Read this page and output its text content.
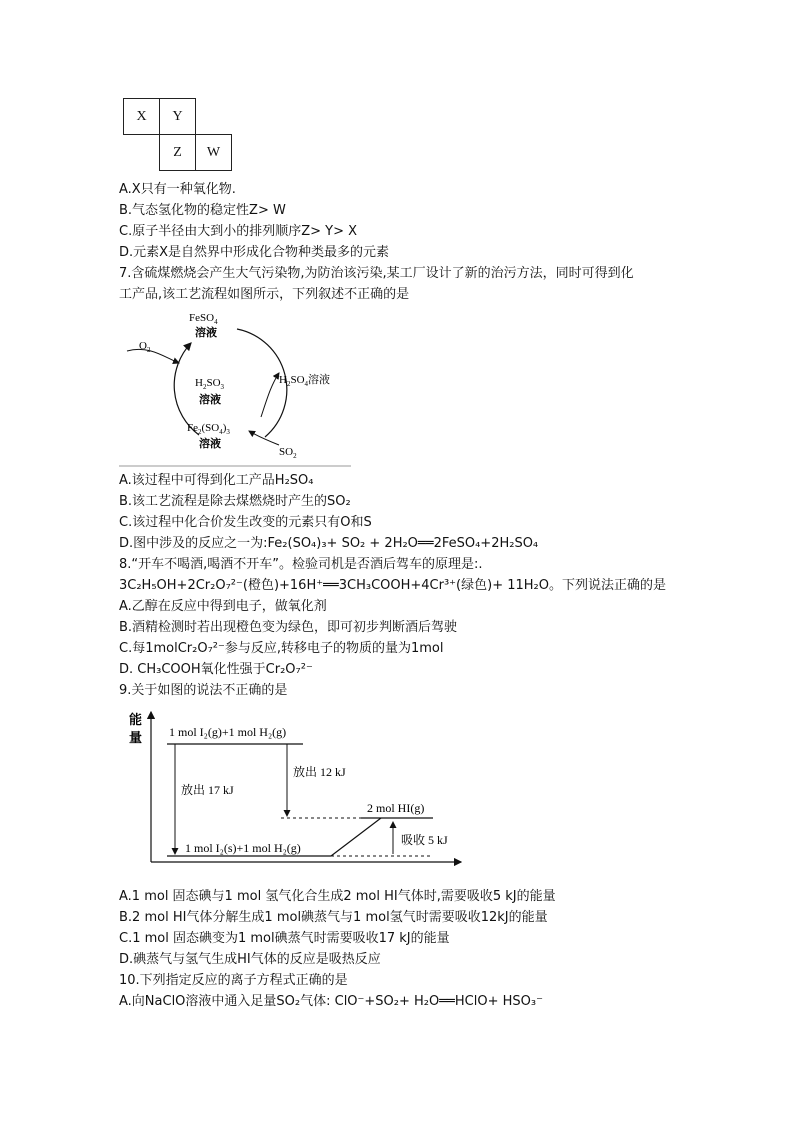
X	Y
Z	W
A.X只有一种氧化物.
B.气态氢化物的稳定性Z> W
C.原子半径由大到小的排列顺序Z> Y> X
D.元素X是自然界中形成化合物种类最多的元素
7.含硫煤燃烧会产生大气污染物,为防治该污染,某工厂设计了新的治污方法，同时可得到化
工产品,该工艺流程如图所示，下列叙述不正确的是
FeSO$_4$
溶液
$O_2$
$H_2SO_3$
溶液
$H_2SO_4$溶液
$Fe_2(SO_4)_3$
溶液
$SO_2$
A.该过程中可得到化工产品H₂SO₄
B.该工艺流程是除去煤燃烧时产生的SO₂
C.该过程中化合价发生改变的元素只有O和S
D.图中涉及的反应之一为:Fe₂(SO₄)₃+ SO₂ + 2H₂O══2FeSO₄+2H₂SO₄
8.“开车不喝酒,喝酒不开车”。检验司机是否酒后驾车的原理是:.
3C₂H₅OH+2Cr₂O₇²⁻(橙色)+16H⁺══3CH₃COOH+4Cr³⁺(绿色)+ 11H₂O。下列说法正确的是
A.乙醇在反应中得到电子，做氧化剂
B.酒精检测时若出现橙色变为绿色，即可初步判断酒后驾驶
C.每1molCr₂O₇²⁻参与反应,转移电子的物质的量为1mol
D. CH₃COOH氧化性强于Cr₂O₇²⁻
9.关于如图的说法不正确的是
能
量 1 mol I₂(g)+1 mol H₂(g)
放出 17 kJ
放出 12 kJ
2 mol HI(g)
1 mol I₂(s)+1 mol H₂(g)
吸收 5 kJ
A.1 mol 固态碘与1 mol 氢气化合生成2 mol HI气体时,需要吸收5 kJ的能量
B.2 mol HI气体分解生成1 mol碘蒸气与1 mol氢气时需要吸收12kJ的能量
C.1 mol 固态碘变为1 mol碘蒸气时需要吸收17 kJ的能量
D.碘蒸气与氢气生成HI气体的反应是吸热反应
10.下列指定反应的离子方程式正确的是
A.向NaClO溶液中通入足量SO₂气体: ClO⁻+SO₂+ H₂O══HClO+ HSO₃⁻
